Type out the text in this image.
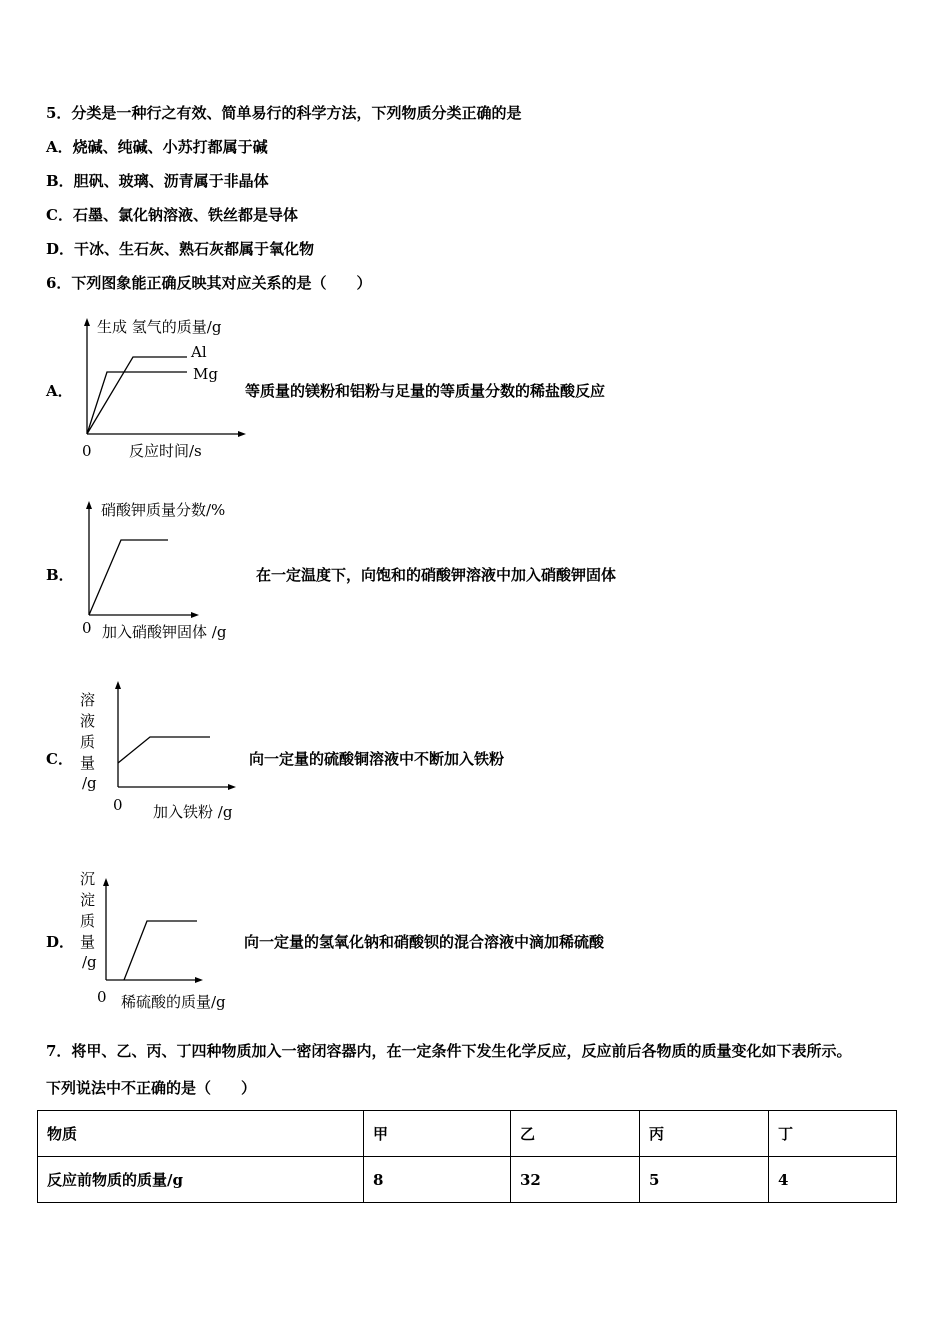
5．分类是一种行之有效、简单易行的科学方法，下列物质分类正确的是
A．烧碱、纯碱、小苏打都属于碱
B．胆矾、玻璃、沥青属于非晶体
C．石墨、氯化钠溶液、铁丝都是导体
D．干冰、生石灰、熟石灰都属于氧化物
6．下列图象能正确反映其对应关系的是（　　）
A．
生成 氢气的质量/g
Al
Mg
0 反应时间/s
等质量的镁粉和铝粉与足量的等质量分数的稀盐酸反应
B．
硝酸钾质量分数/%
0 加入硝酸钾固体 /g
在一定温度下，向饱和的硝酸钾溶液中加入硝酸钾固体
C．
溶
液
质
量
/g
0 加入铁粉 /g
向一定量的硫酸铜溶液中不断加入铁粉
D．
沉
淀
质
量
/g
0 稀硫酸的质量/g
向一定量的氢氧化钠和硝酸钡的混合溶液中滴加稀硫酸
7．将甲、乙、丙、丁四种物质加入一密闭容器内，在一定条件下发生化学反应，反应前后各物质的质量变化如下表所示。
下列说法中不正确的是（　　）
物质	甲	乙	丙	丁
反应前物质的质量/g	8	32	5	4
